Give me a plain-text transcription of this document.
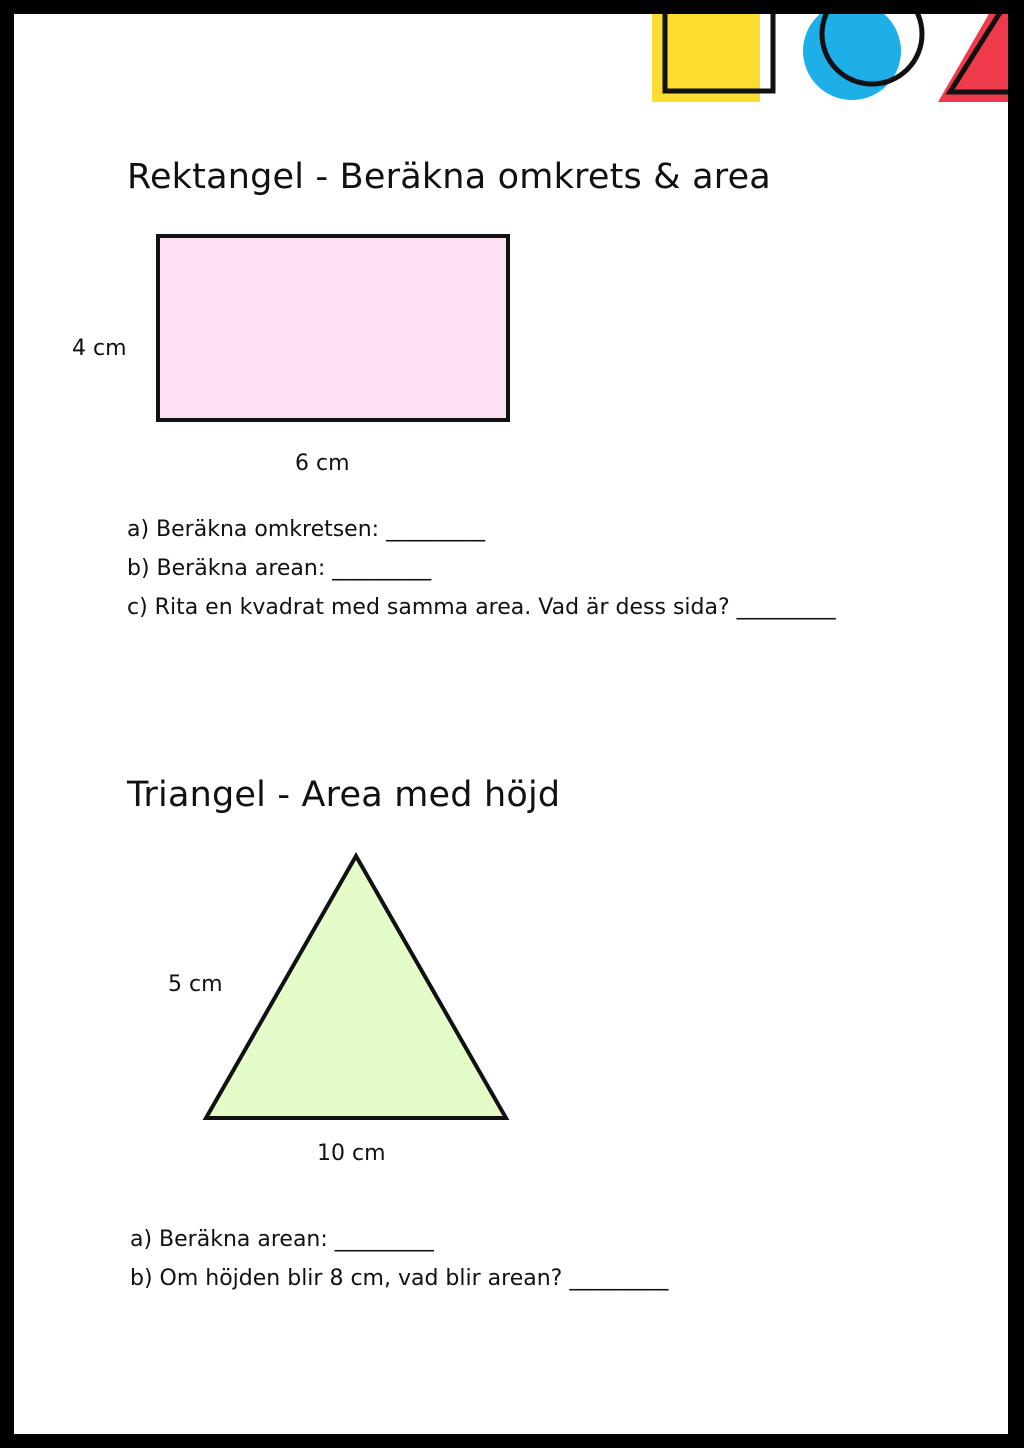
Rektangel - Beräkna omkrets & area
4 cm
6 cm
a) Beräkna omkretsen: _________
b) Beräkna arean: _________
c) Rita en kvadrat med samma area. Vad är dess sida? _________
Triangel - Area med höjd
5 cm
10 cm
a) Beräkna arean: _________
b) Om höjden blir 8 cm, vad blir arean? _________
